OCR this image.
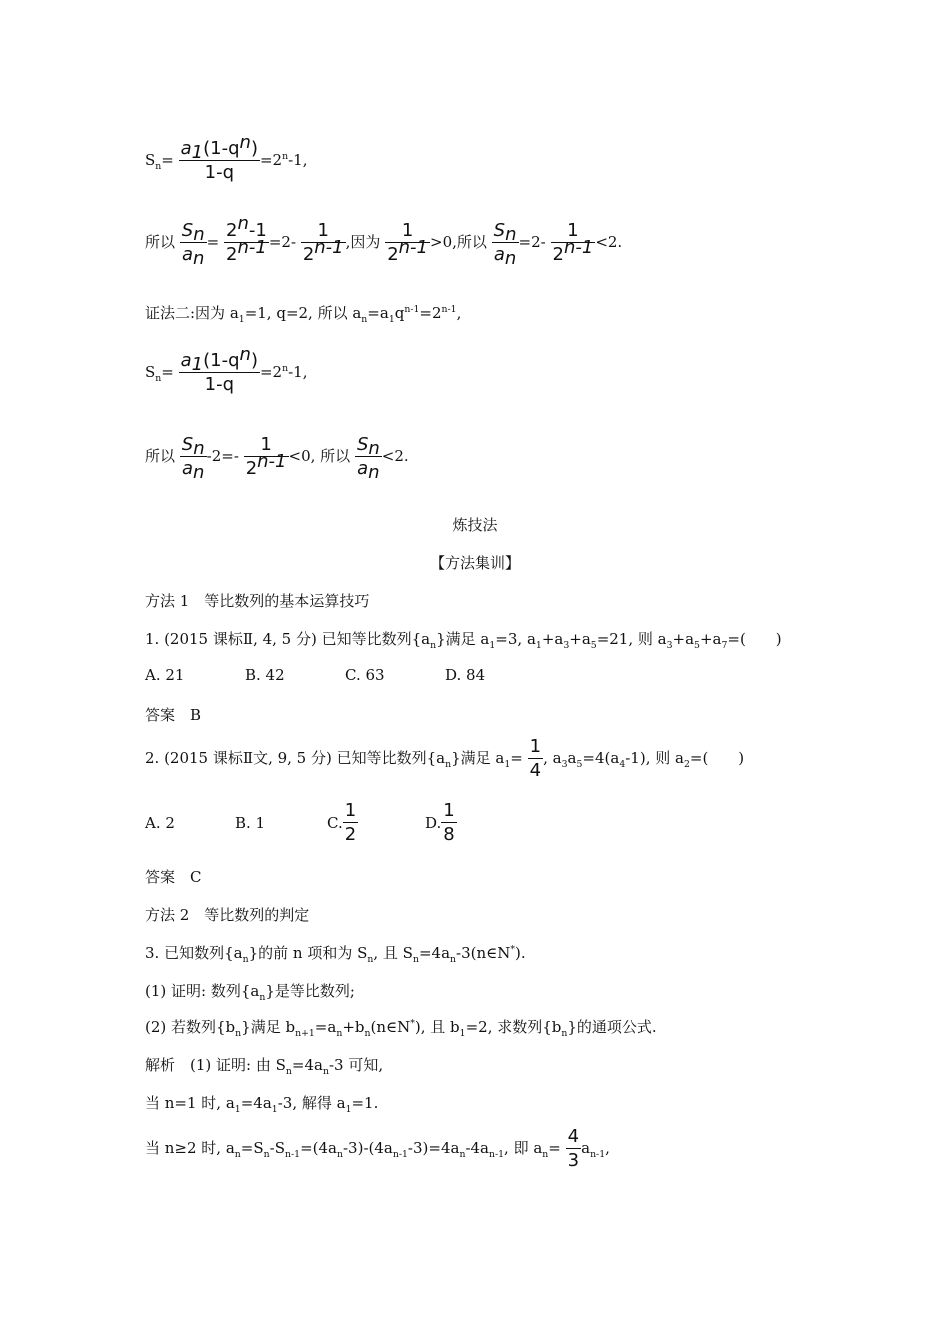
$S_n= \frac{a_1(1-q^n)}{1-q} =2^n-1$,
所以 $\frac{S_n}{a_n} = \frac{2^n-1}{2^{n-1}} =2- \frac{1}{2^{n-1}}$ ,因为 $\frac{1}{2^{n-1}} >0$,所以 $\frac{S_n}{a_n} =2- \frac{1}{2^{n-1}} <2$.
证法二:因为 $a_1=1$, q=2, 所以 $a_n=a_1q^{n-1}=2^{n-1}$,
$S_n= \frac{a_1(1-q^n)}{1-q} =2^n-1$,
所以 $\frac{S_n}{a_n} -2=- \frac{1}{2^{n-1}} <0$, 所以 $\frac{S_n}{a_n} <2$.
炼技法
【方法集训】
方法 1　等比数列的基本运算技巧
1. (2015 课标Ⅱ, 4, 5 分) 已知等比数列$\{a_n\}$满足 $a_1=3$, $a_1+a_3+a_5=21$, 则 $a_3+a_5+a_7=$(　　)
A. 21	B. 42	C. 63	D. 84
答案　B
2. (2015 课标Ⅱ文, 9, 5 分) 已知等比数列$\{a_n\}$满足 $a_1= \frac{1}{4}$ , $a_3a_5=4(a_4-1)$, 则 $a_2=$(　　)
A. 2	B. 1	C. $\frac{1}{2}$	D. $\frac{1}{8}$
答案　C
方法 2　等比数列的判定
3. 已知数列$\{a_n\}$的前 n 项和为 $S_n$, 且 $S_n=4a_n-3(n\in N^*)$.
(1) 证明: 数列$\{a_n\}$是等比数列;
(2) 若数列$\{b_n\}$满足 $b_{n+1}=a_n+b_n(n\in N^*)$, 且 $b_1=2$, 求数列$\{b_n\}$的通项公式.
解析　(1) 证明: 由 $S_n=4a_n-3$ 可知,
当 n=1 时, $a_1=4a_1-3$, 解得 $a_1=1$.
当 n≥2 时, $a_n=S_n-S_{n-1}=(4a_n-3)-(4a_{n-1}-3)=4a_n-4a_{n-1}$, 即 $a_n= \frac{4}{3} a_{n-1}$,
